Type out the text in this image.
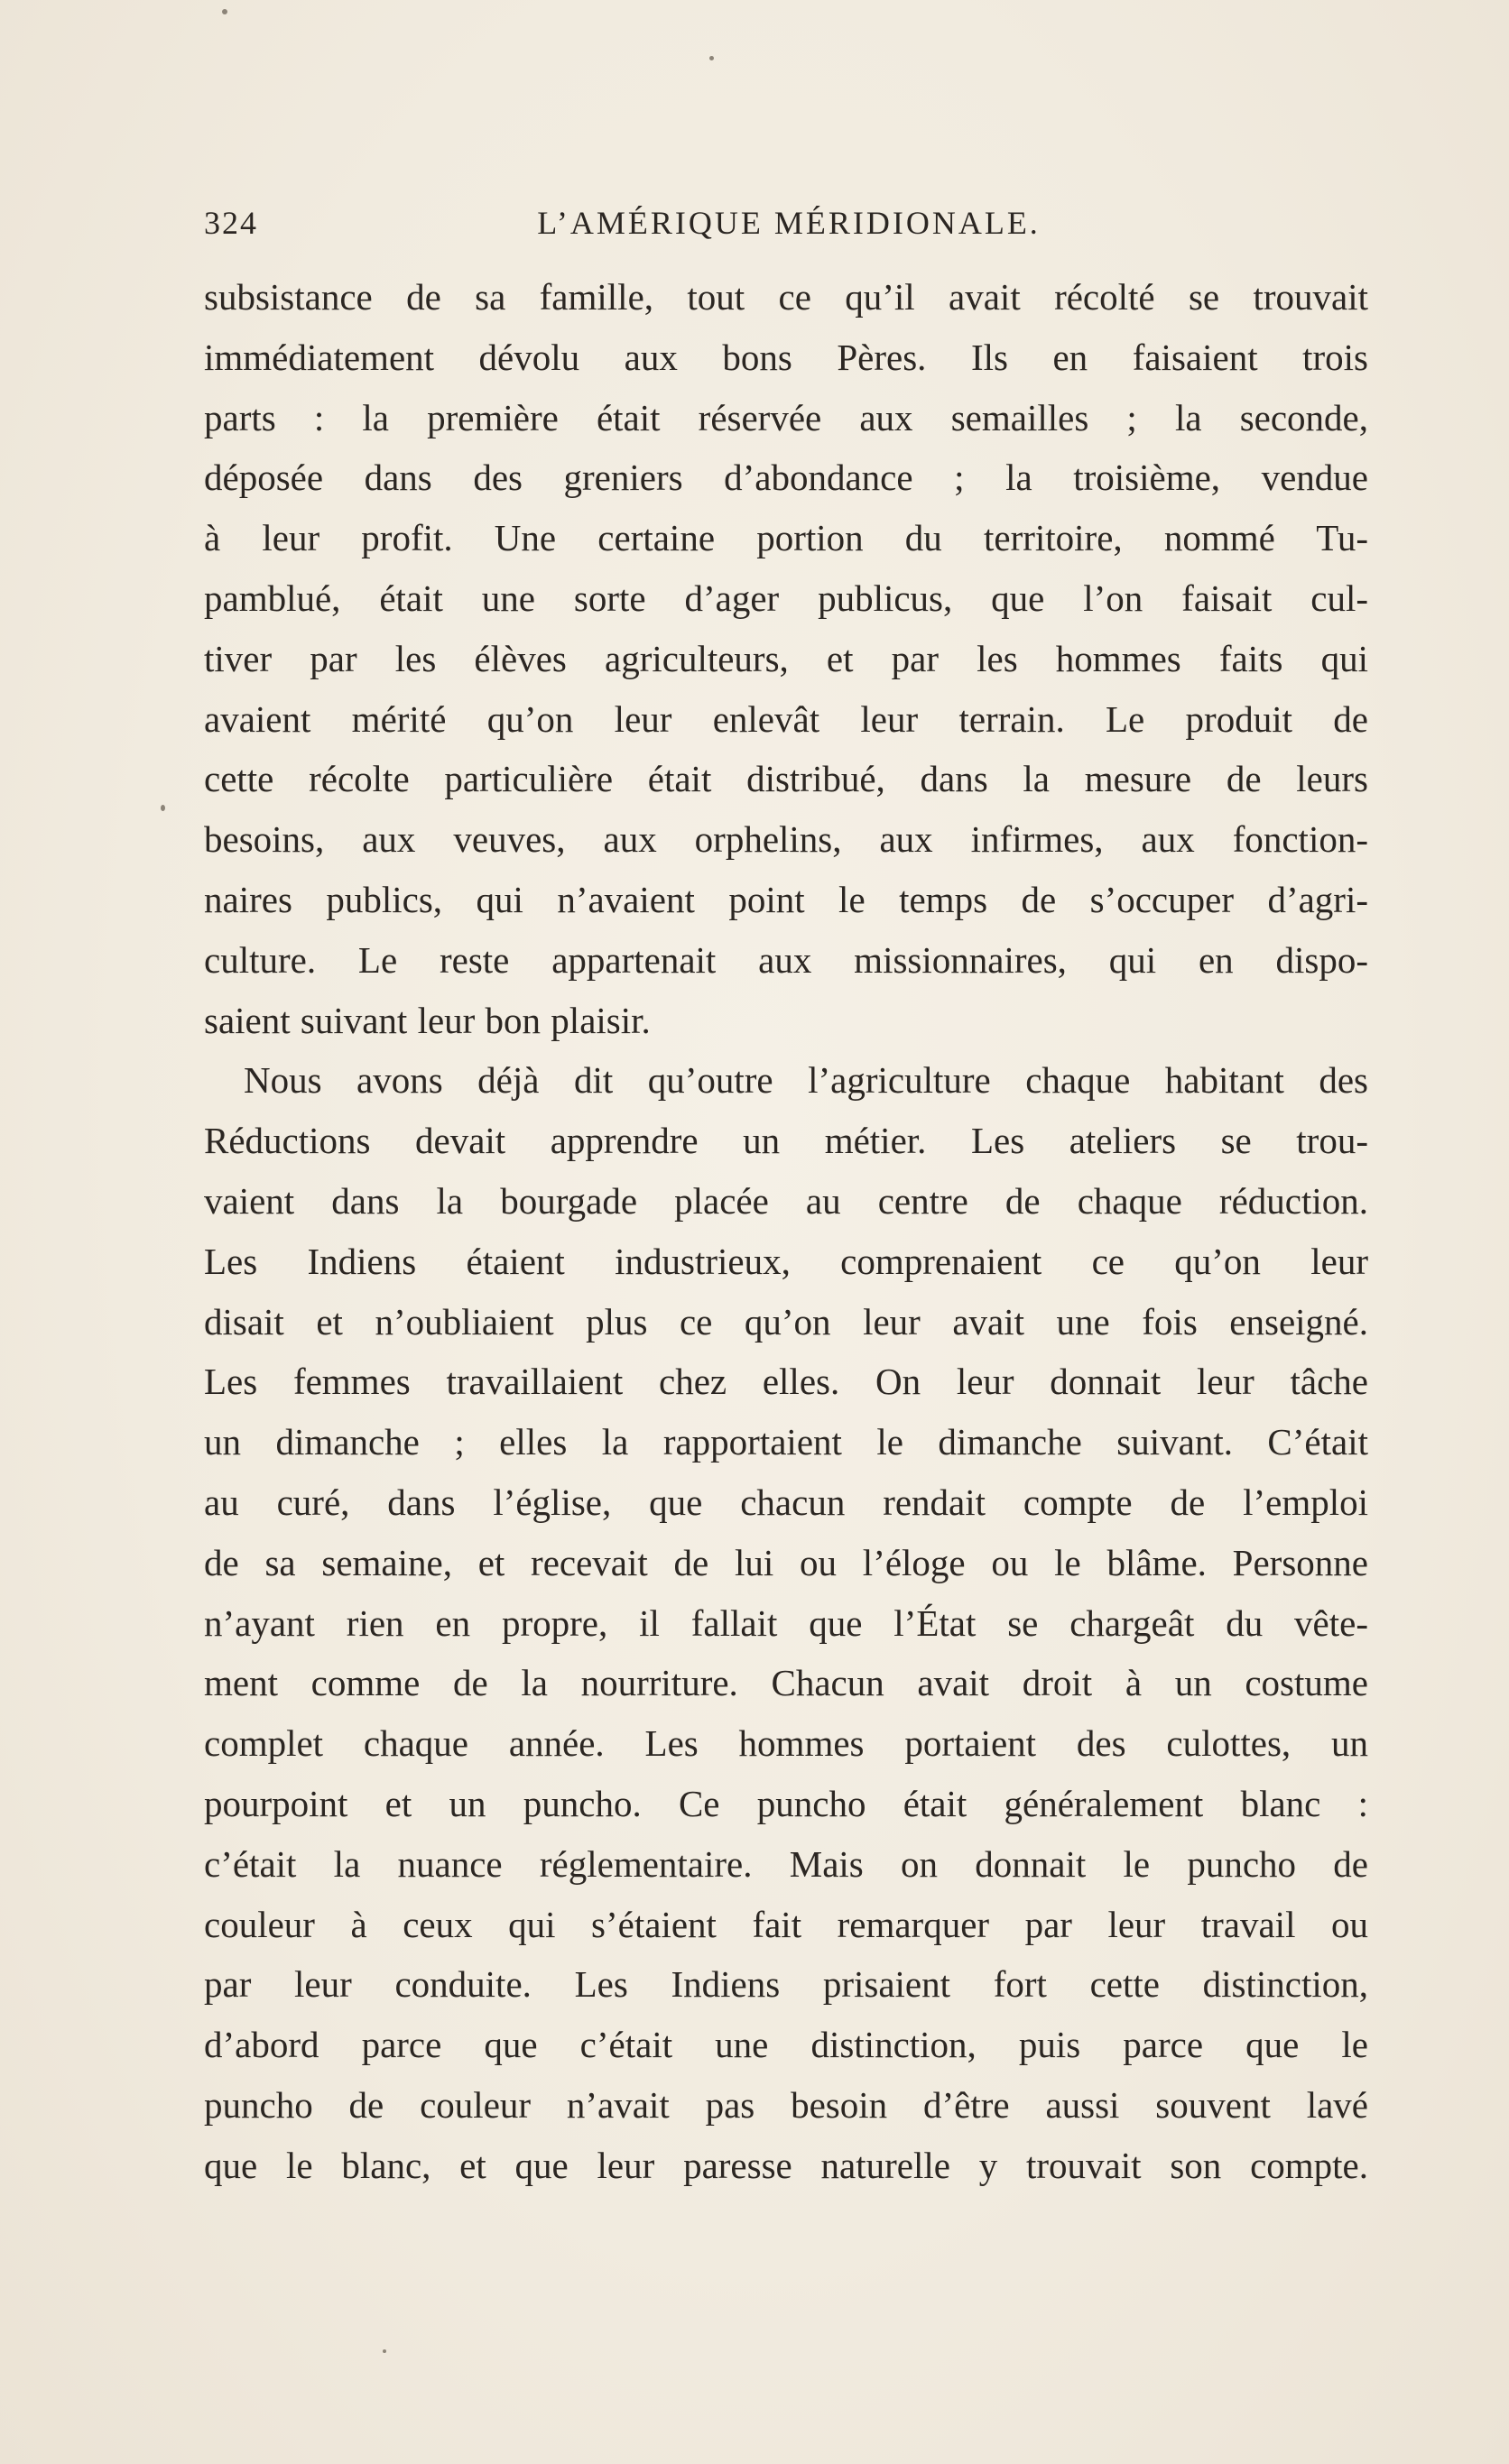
324	L’AMÉRIQUE MÉRIDIONALE.
subsistance de sa famille, tout ce qu’il avait récolté se trouvait
immédiatement dévolu aux bons Pères. Ils en faisaient trois
parts : la première était réservée aux semailles ; la seconde,
déposée dans des greniers d’abondance ; la troisième, vendue
à leur profit. Une certaine portion du territoire, nommé Tu-
pamblué, était une sorte d’ager publicus, que l’on faisait cul-
tiver par les élèves agriculteurs, et par les hommes faits qui
avaient mérité qu’on leur enlevât leur terrain. Le produit de
cette récolte particulière était distribué, dans la mesure de leurs
besoins, aux veuves, aux orphelins, aux infirmes, aux fonction-
naires publics, qui n’avaient point le temps de s’occuper d’agri-
culture. Le reste appartenait aux missionnaires, qui en dispo-
saient suivant leur bon plaisir.
Nous avons déjà dit qu’outre l’agriculture chaque habitant des
Réductions devait apprendre un métier. Les ateliers se trou-
vaient dans la bourgade placée au centre de chaque réduction.
Les Indiens étaient industrieux, comprenaient ce qu’on leur
disait et n’oubliaient plus ce qu’on leur avait une fois enseigné.
Les femmes travaillaient chez elles. On leur donnait leur tâche
un dimanche ; elles la rapportaient le dimanche suivant. C’était
au curé, dans l’église, que chacun rendait compte de l’emploi
de sa semaine, et recevait de lui ou l’éloge ou le blâme. Personne
n’ayant rien en propre, il fallait que l’État se chargeât du vête-
ment comme de la nourriture. Chacun avait droit à un costume
complet chaque année. Les hommes portaient des culottes, un
pourpoint et un puncho. Ce puncho était généralement blanc :
c’était la nuance réglementaire. Mais on donnait le puncho de
couleur à ceux qui s’étaient fait remarquer par leur travail ou
par leur conduite. Les Indiens prisaient fort cette distinction,
d’abord parce que c’était une distinction, puis parce que le
puncho de couleur n’avait pas besoin d’être aussi souvent lavé
que le blanc, et que leur paresse naturelle y trouvait son compte.
